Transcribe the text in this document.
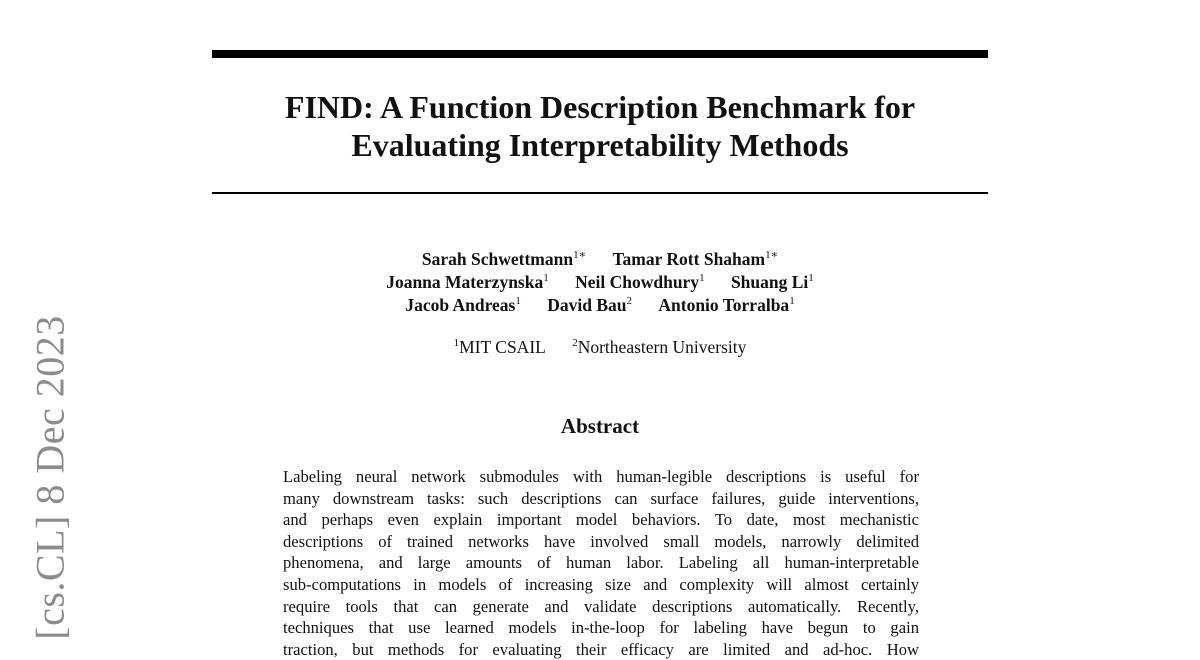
[cs.CL] 8 Dec 2023
FIND: A Function Description Benchmark for
Evaluating Interpretability Methods
Sarah Schwettmann$^{1∗}$ Tamar Rott Shaham$^{1∗}$
Joanna Materzynska$^1$ Neil Chowdhury$^1$ Shuang Li$^1$
Jacob Andreas$^1$ David Bau$^2$ Antonio Torralba$^1$
$^1$MIT CSAIL $^2$Northeastern University
Abstract
Labeling neural network submodules with human-legible descriptions is useful for
many downstream tasks: such descriptions can surface failures, guide interventions,
and perhaps even explain important model behaviors. To date, most mechanistic
descriptions of trained networks have involved small models, narrowly delimited
phenomena, and large amounts of human labor. Labeling all human-interpretable
sub-computations in models of increasing size and complexity will almost certainly
require tools that can generate and validate descriptions automatically. Recently,
techniques that use learned models in-the-loop for labeling have begun to gain
traction, but methods for evaluating their efficacy are limited and ad-hoc. How
